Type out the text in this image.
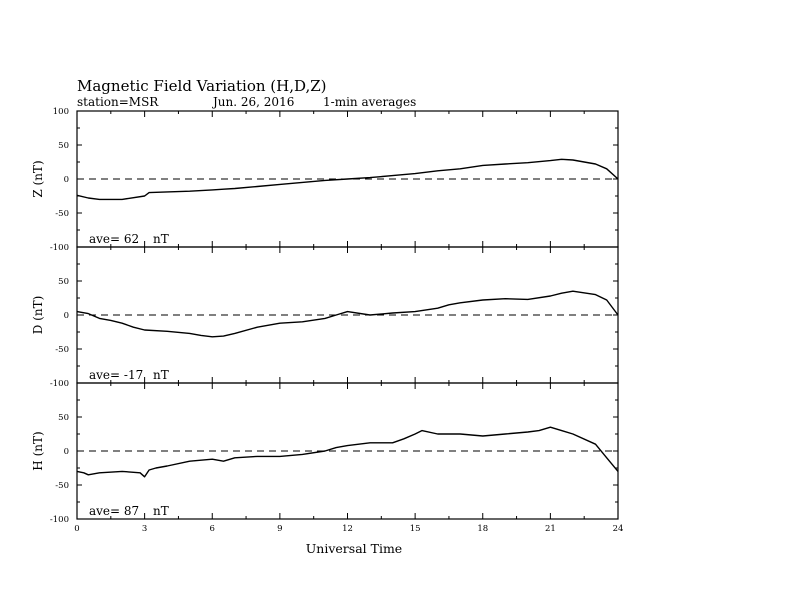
Magnetic Field Variation (H,D,Z)
station=MSR	Jun. 26, 2016 1-min averages
100
50
0
-50
-100
Z (nT)
ave= 62 nT
50
0
-50
-100
D (nT)
ave= -17 nT
50
0
-50
-100
H (nT)
ave= 87 nT
0	3	6	9	12	15	18	21	24
Universal Time
